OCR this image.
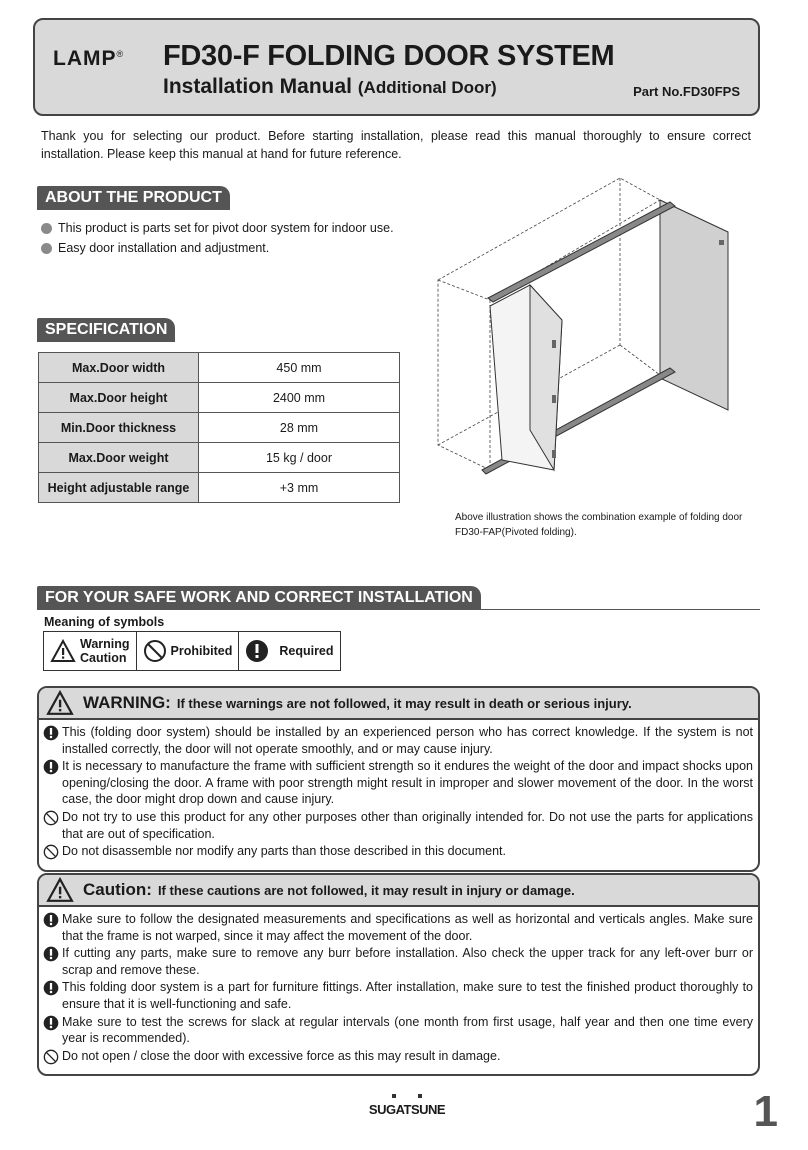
LAMP® FD30-F FOLDING DOOR SYSTEM
Installation Manual (Additional Door)	Part No.FD30FPS

Thank you for selecting our product. Before starting installation, please read this manual thoroughly to ensure correct installation. Please keep this manual at hand for future reference.

ABOUT THE PRODUCT
This product is parts set for pivot door system for indoor use.
Easy door installation and adjustment.
SPECIFICATION
Max.Door width	450 mm
Max.Door height	2400 mm
Min.Door thickness	28 mm
Max.Door weight	15 kg / door
Height adjustable range	+3 mm
Above illustration shows the combination example of folding door
FD30-FAP(Pivoted folding).
FOR YOUR SAFE WORK AND CORRECT INSTALLATION
Meaning of symbols
Warning
Caution	Prohibited	Required
WARNING: If these warnings are not followed, it may result in death or serious injury.
This (folding door system) should be installed by an experienced person who has correct knowledge. If the system is not installed correctly, the door will not operate smoothly, and or may cause injury.
It is necessary to manufacture the frame with sufficient strength so it endures the weight of the door and impact shocks upon opening/closing the door. A frame with poor strength might result in improper and slower movement of the door. In the worst case, the door might drop down and cause injury.
Do not try to use this product for any other purposes other than originally intended for. Do not use the parts for applications that are out of specification.
Do not disassemble nor modify any parts than those described in this document.
Caution: If these cautions are not followed, it may result in injury or damage.
Make sure to follow the designated measurements and specifications as well as horizontal and verticals angles. Make sure that the frame is not warped, since it may affect the movement of the door.
If cutting any parts, make sure to remove any burr before installation. Also check the upper track for any left-over burr or scrap and remove these.
This folding door system is a part for furniture fittings. After installation, make sure to test the finished product thoroughly to ensure that it is well-functioning and safe.
Make sure to test the screws for slack at regular intervals (one month from first usage, half year and then one time every year is recommended).
Do not open / close the door with excessive force as this may result in damage.
SUGATSUNE	1
